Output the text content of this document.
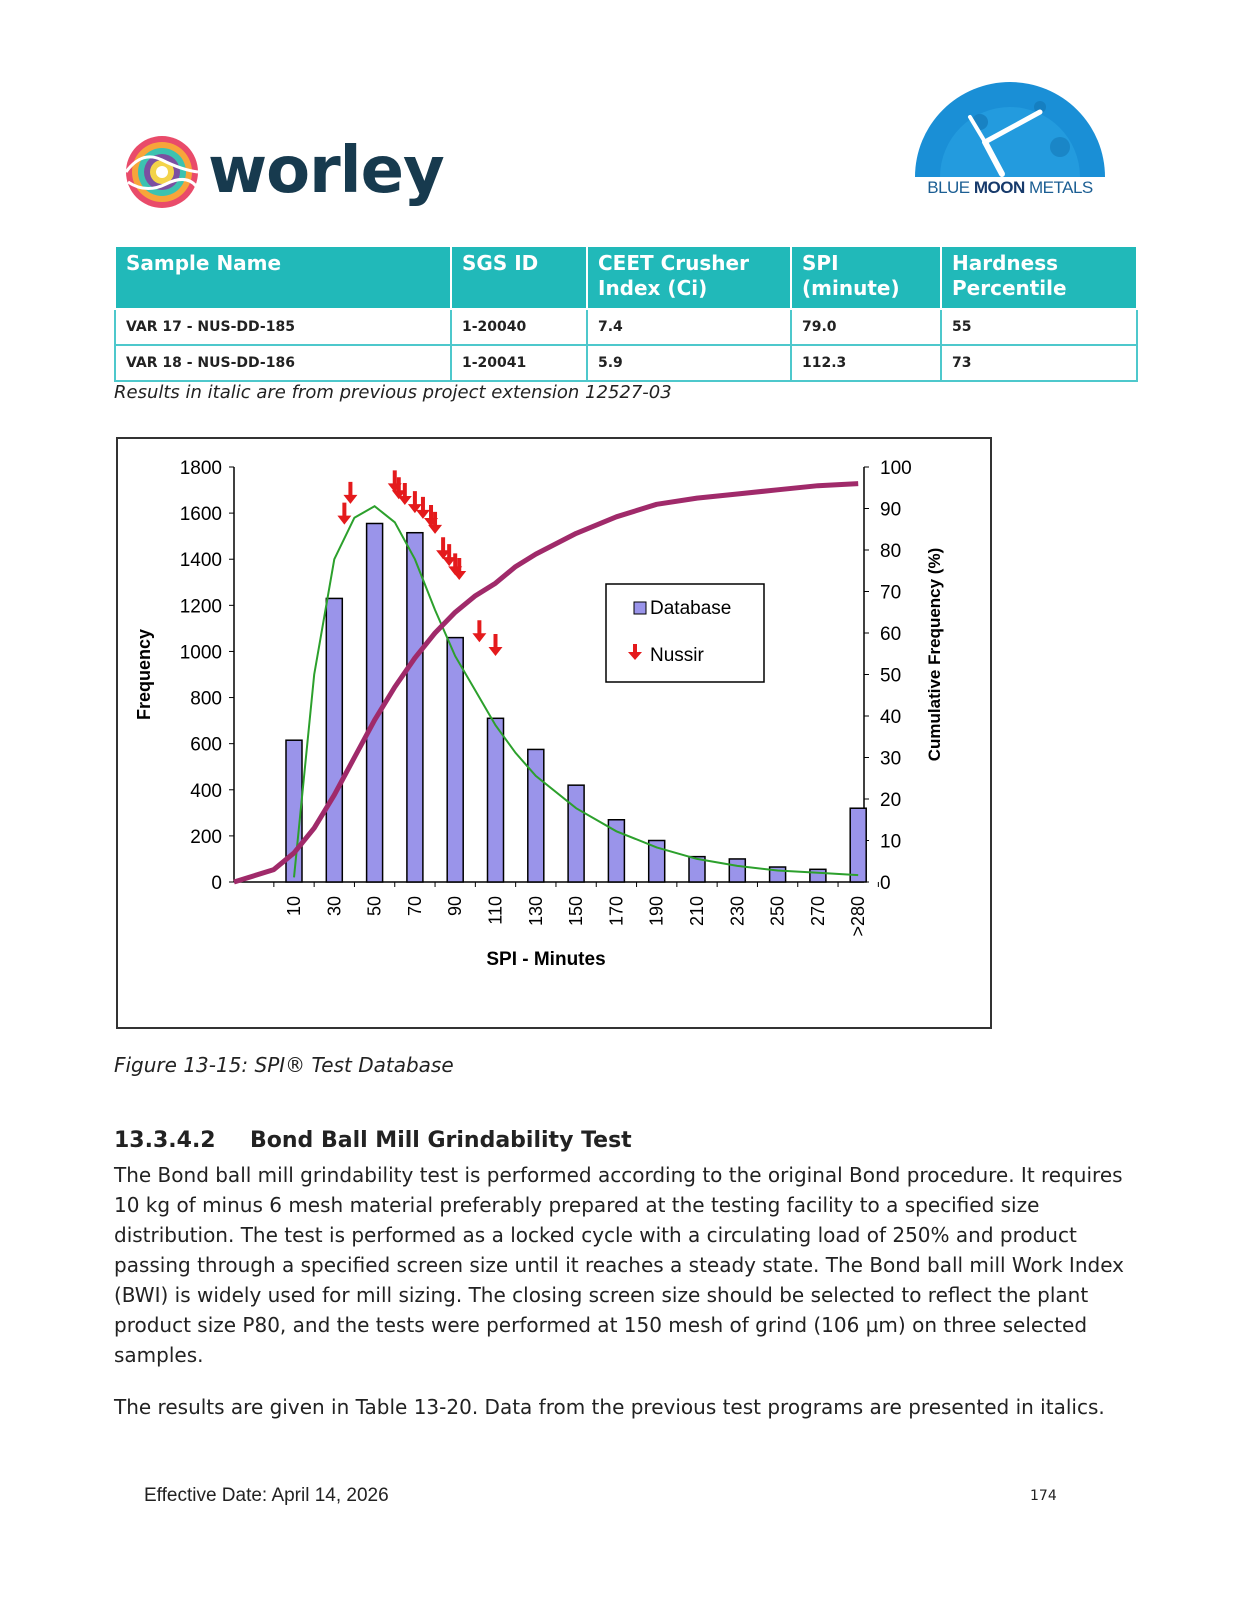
worley	BLUE MOON METALS
Sample Name	SGS ID	CEET Crusher Index (Ci)	SPI (minute)	Hardness Percentile
VAR 17 - NUS-DD-185	1-20040	7.4	79.0	55
VAR 18 - NUS-DD-186	1-20041	5.9	112.3	73
Results in italic are from previous project extension 12527-03
0
200
400
600
800
1000
1200
1400
1600
1800
0
10
20
30
40
50
60
70
80
90
100
10 30 50 70 90 110 130 150 170 190 210 230 250 270 >280
Database
Nussir
SPI - Minutes
Frequency	Cumulative Frequency (%)
Figure 13-15: SPI® Test Database
13.3.4.2 Bond Ball Mill Grindability Test
The Bond ball mill grindability test is performed according to the original Bond procedure. It requires 10 kg of minus 6 mesh material preferably prepared at the testing facility to a specified size distribution. The test is performed as a locked cycle with a circulating load of 250% and product passing through a specified screen size until it reaches a steady state. The Bond ball mill Work Index (BWI) is widely used for mill sizing. The closing screen size should be selected to reflect the plant product size P80, and the tests were performed at 150 mesh of grind (106 µm) on three selected samples.
The results are given in Table 13-20. Data from the previous test programs are presented in italics.
Effective Date: April 14, 2026	174
